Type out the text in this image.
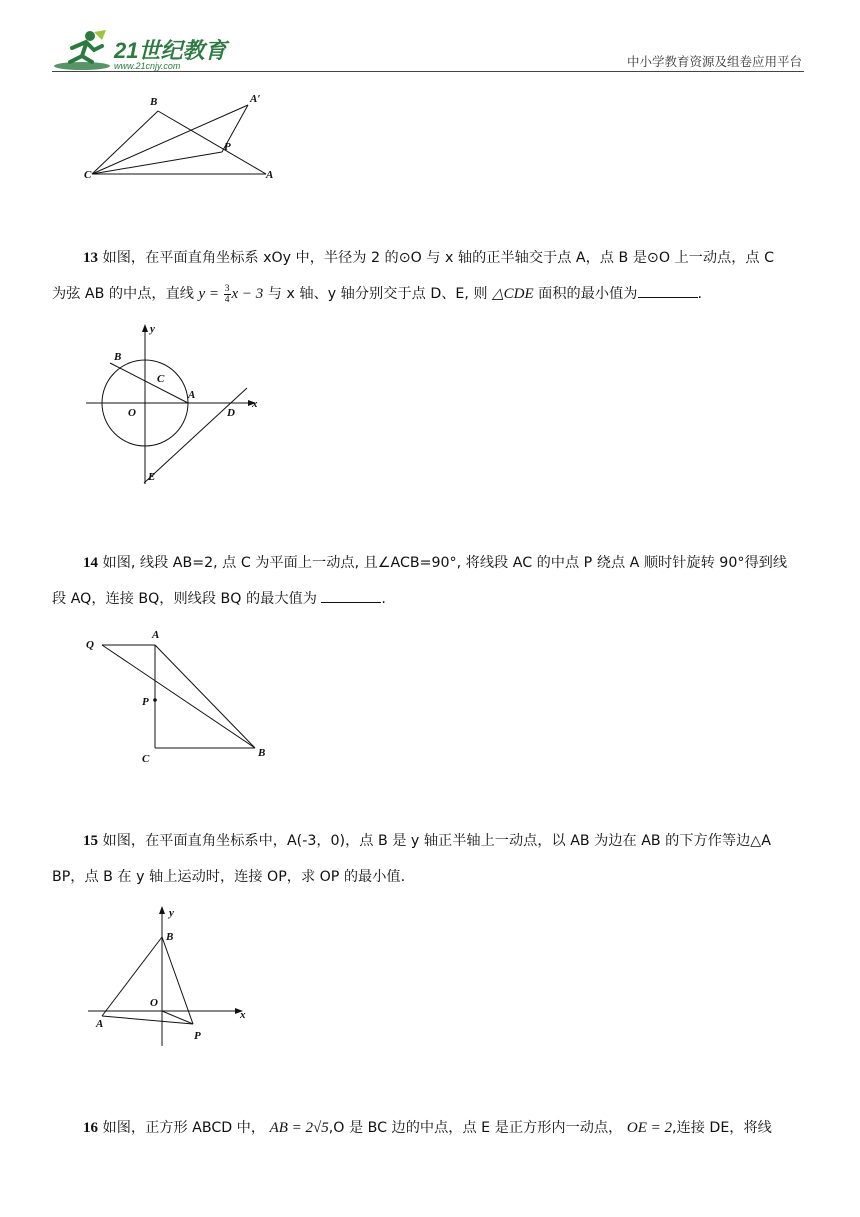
21世纪教育
www.21cnjy.com	中小学教育资源及组卷应用平台
B	A′
P
C	A
13 如图，在平面直角坐标系 xOy 中，半径为 2 的⊙O 与 x 轴的正半轴交于点 A，点 B 是⊙O 上一动点，点 C
为弦 AB 的中点，直线 $y = \frac{3}{4}$ x − 3 与 x 轴、y 轴分别交于点 D、E, 则 △CDE 面积的最小值为	.
y
x
B
C
A
O	D
E
14 如图, 线段 AB=2, 点 C 为平面上一动点, 且∠ACB=90°, 将线段 AC 的中点 P 绕点 A 顺时针旋转 90°得到线
段 AQ，连接 BQ，则线段 BQ 的最大值为	.
Q
A
P
C	B
15 如图，在平面直角坐标系中，A(-3，0)，点 B 是 y 轴正半轴上一动点，以 AB 为边在 AB 的下方作等边△A
BP，点 B 在 y 轴上运动时，连接 OP，求 OP 的最小值.
y
B
O
x
A
P
16 如图，正方形 ABCD 中， AB = 2√5,O 是 BC 边的中点，点 E 是正方形内一动点， OE = 2,连接 DE，将线
